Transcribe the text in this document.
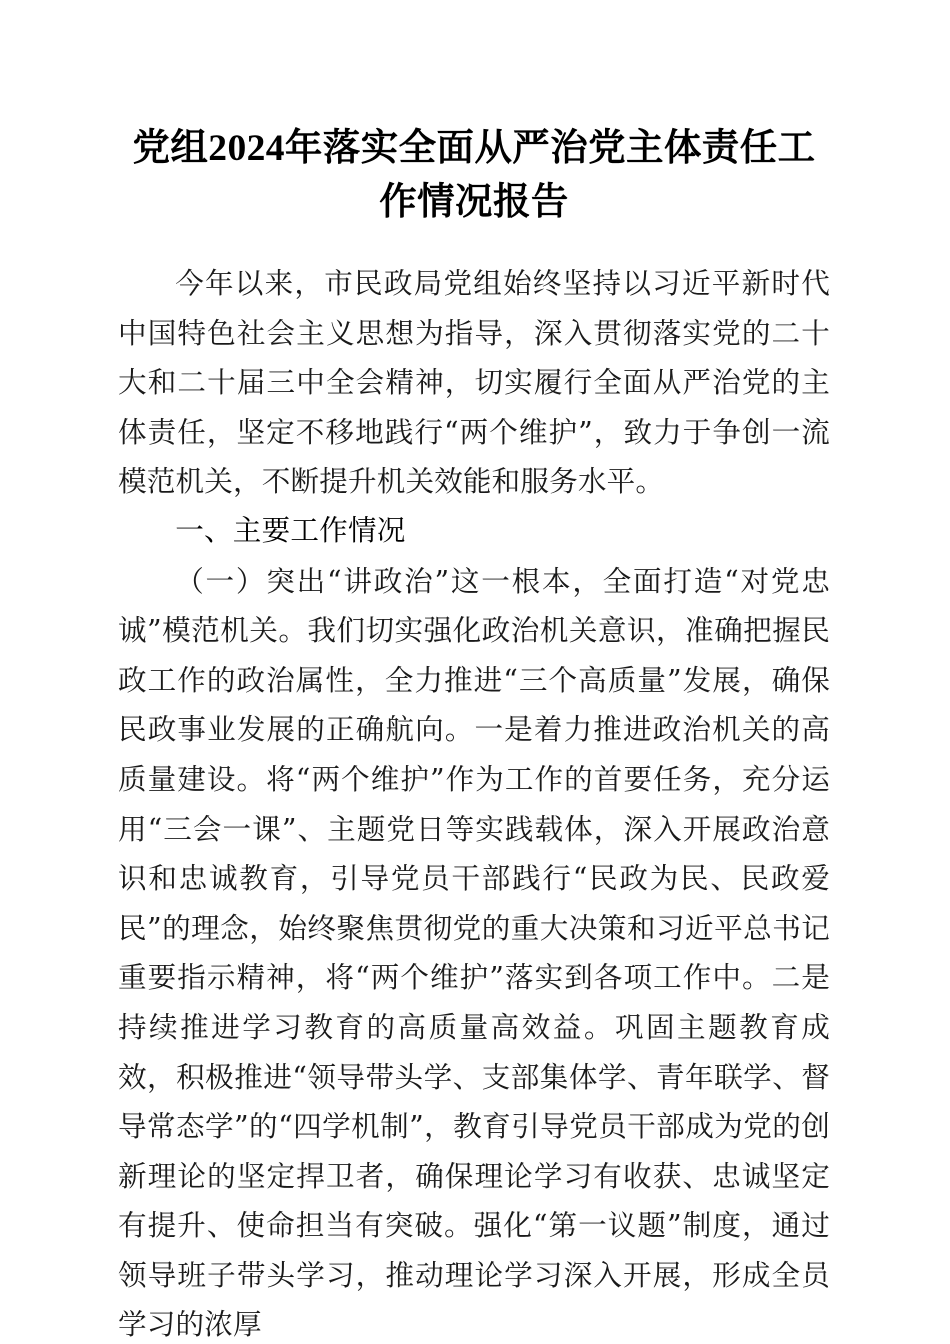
党组2024年落实全面从严治党主体责任工作情况报告

今年以来，市民政局党组始终坚持以习近平新时代中国特色社会主义思想为指导，深入贯彻落实党的二十大和二十届三中全会精神，切实履行全面从严治党的主体责任，坚定不移地践行“两个维护”，致力于争创一流模范机关，不断提升机关效能和服务水平。

一、主要工作情况

（一）突出“讲政治”这一根本，全面打造“对党忠诚”模范机关。我们切实强化政治机关意识，准确把握民政工作的政治属性，全力推进“三个高质量”发展，确保民政事业发展的正确航向。一是着力推进政治机关的高质量建设。将“两个维护”作为工作的首要任务，充分运用“三会一课”、主题党日等实践载体，深入开展政治意识和忠诚教育，引导党员干部践行“民政为民、民政爱民”的理念，始终聚焦贯彻党的重大决策和习近平总书记重要指示精神，将“两个维护”落实到各项工作中。二是持续推进学习教育的高质量高效益。巩固主题教育成效，积极推进“领导带头学、支部集体学、青年联学、督导常态学”的“四学机制”，教育引导党员干部成为党的创新理论的坚定捍卫者，确保理论学习有收获、忠诚坚定有提升、使命担当有突破。强化“第一议题”制度，通过领导班子带头学习，推动理论学习深入开展，形成全员学习的浓厚
